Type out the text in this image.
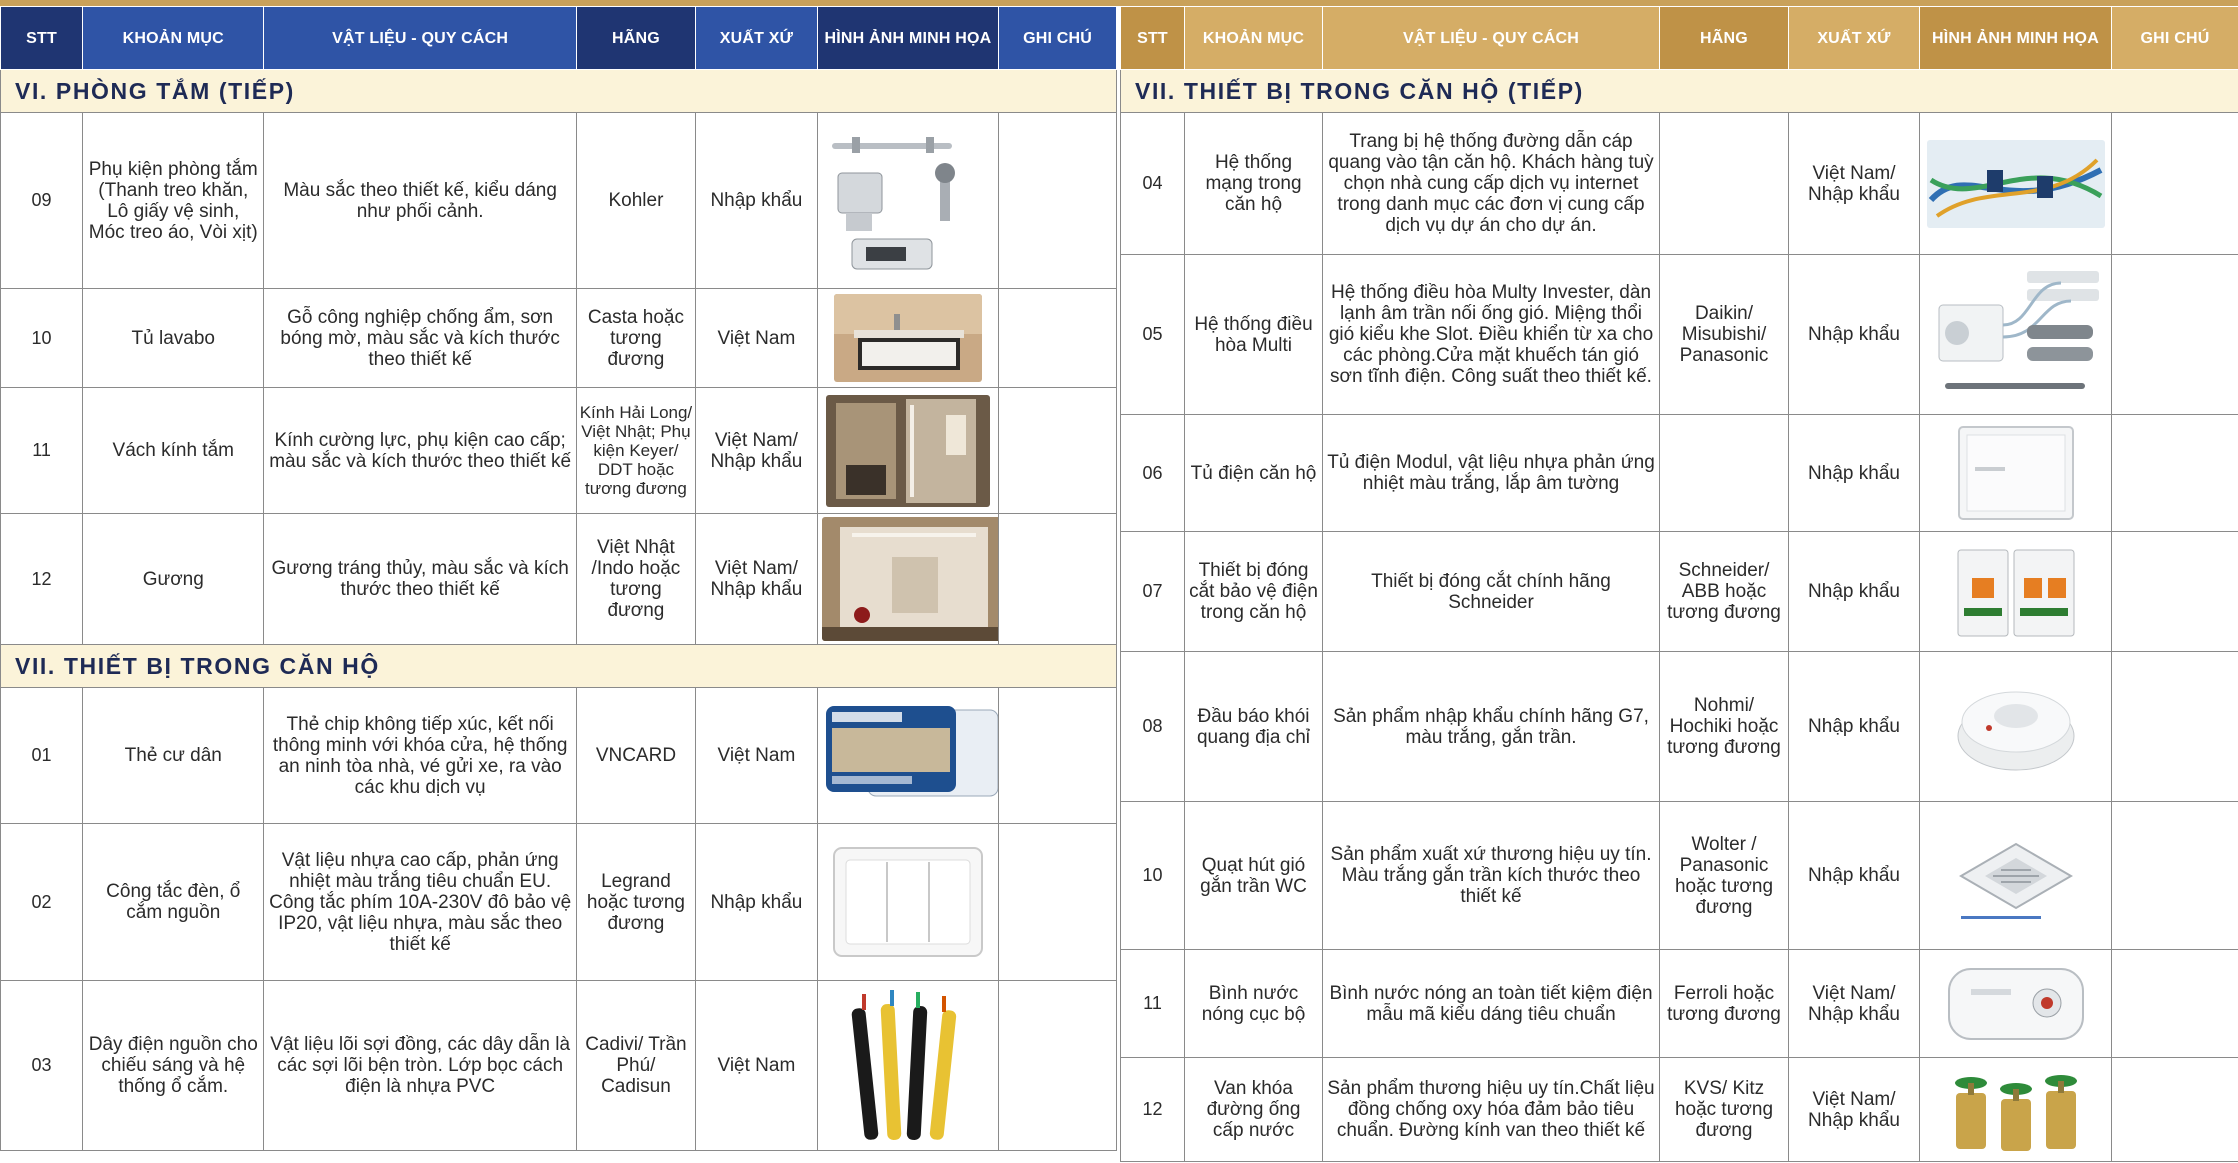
STT	KHOẢN MỤC	VẬT LIỆU - QUY CÁCH	HÃNG	XUẤT XỨ	HÌNH ẢNH MINH HỌA	GHI CHÚ
VI. PHÒNG TẮM (TIẾP)						
09	Phụ kiện phòng tắm (Thanh treo khăn, Lô giấy vệ sinh, Móc treo áo, Vòi xịt)	Màu sắc theo thiết kế, kiểu dáng như phối cảnh.	Kohler	Nhập khẩu	

10	Tủ lavabo	Gỗ công nghiệp chống ẩm, sơn bóng mờ, màu sắc và kích thước theo thiết kế	Casta hoặc tương đương	Việt Nam	

11	Vách kính tắm	Kính cường lực, phụ kiện cao cấp; màu sắc và kích thước theo thiết kế	Kính Hải Long/ Việt Nhật; Phụ kiện Keyer/ DDT hoặc tương đương	Việt Nam/ Nhập khẩu	

12	Gương	Gương tráng thủy, màu sắc và kích thước theo thiết kế	Việt Nhật /Indo hoặc tương đương	Việt Nam/ Nhập khẩu	

VII. THIẾT BỊ TRONG CĂN HỘ						
01	Thẻ cư dân	Thẻ chip không tiếp xúc, kết nối thông minh với khóa cửa, hệ thống an ninh tòa nhà, vé gửi xe, ra vào các khu dịch vụ	VNCARD	Việt Nam	

02	Công tắc đèn, ổ cắm nguồn	Vật liệu nhựa cao cấp, phản ứng nhiệt màu trắng tiêu chuẩn EU. Công tắc phím 10A-230V đô bảo vệ IP20, vật liệu nhựa, màu sắc theo thiết kế	Legrand hoặc tương đương	Nhập khẩu	

03	Dây điện nguồn cho chiếu sáng và hệ thống ổ cắm.	Vật liệu lõi sợi đồng, các dây dẫn là các sợi lõi bện tròn. Lớp bọc cách điện là nhựa PVC	Cadivi/ Trần Phú/ Cadisun	Việt Nam	

STT	KHOẢN MỤC	VẬT LIỆU - QUY CÁCH	HÃNG	XUẤT XỨ	HÌNH ẢNH MINH HỌA	GHI CHÚ
VII. THIẾT BỊ TRONG CĂN HỘ (TIẾP)						
04	Hệ thống mạng trong căn hộ	Trang bị hệ thống đường dẫn cáp quang vào tận căn hộ. Khách hàng tuỳ chọn nhà cung cấp dịch vụ internet trong danh mục các đơn vị cung cấp dịch vụ dự án cho dự án.		Việt Nam/ Nhập khẩu	

05	Hệ thống điều hòa Multi	Hệ thống điều hòa Multy Invester, dàn lạnh âm trần nối ống gió. Miệng thổi gió kiểu khe Slot. Điều khiển từ xa cho các phòng.Cửa mặt khuếch tán gió sơn tĩnh điện. Công suất theo thiết kế.	Daikin/ Misubishi/ Panasonic	Nhập khẩu	

06	Tủ điện căn hộ	Tủ điện Modul, vật liệu nhựa phản ứng nhiệt màu trắng, lắp âm tường		Nhập khẩu	

07	Thiết bị đóng cắt bảo vệ điện trong căn hộ	Thiết bị đóng cắt chính hãng Schneider	Schneider/ ABB hoặc tương đương	Nhập khẩu	

08	Đầu báo khói quang địa chỉ	Sản phẩm nhập khẩu chính hãng G7, màu trắng, gắn trần.	Nohmi/ Hochiki hoặc tương đương	Nhập khẩu	

10	Quạt hút gió gắn trần WC	Sản phẩm xuất xứ thương hiệu uy tín. Màu trắng gắn trần kích thước theo thiết kế	Wolter / Panasonic hoặc tương đương	Nhập khẩu	

11	Bình nước nóng cục bộ	Bình nước nóng an toàn tiết kiệm điện mẫu mã kiểu dáng tiêu chuẩn	Ferroli hoặc tương đương	Việt Nam/ Nhập khẩu	

12	Van khóa đường ống cấp nước	Sản phẩm thương hiệu uy tín.Chất liệu đồng chống oxy hóa đảm bảo tiêu chuẩn. Đường kính van theo thiết kế	KVS/ Kitz hoặc tương đương	Việt Nam/ Nhập khẩu	
